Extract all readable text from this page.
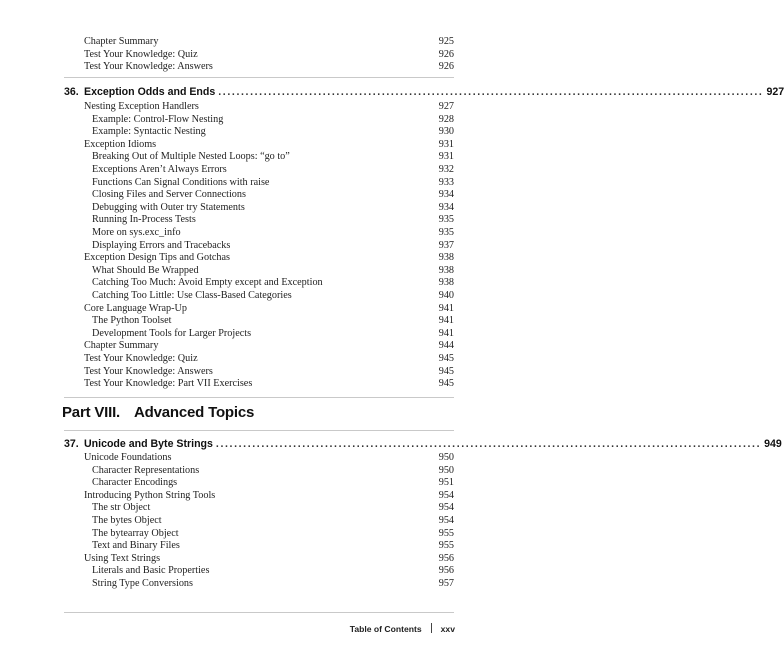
Chapter Summary	925
Test Your Knowledge: Quiz	926
Test Your Knowledge: Answers	926
36. Exception Odds and Ends ........................................................................................................................ 927
Nesting Exception Handlers	927
Example: Control-Flow Nesting	928
Example: Syntactic Nesting	930
Exception Idioms	931
Breaking Out of Multiple Nested Loops: “go to”	931
Exceptions Aren’t Always Errors	932
Functions Can Signal Conditions with raise	933
Closing Files and Server Connections	934
Debugging with Outer try Statements	934
Running In-Process Tests	935
More on sys.exc_info	935
Displaying Errors and Tracebacks	937
Exception Design Tips and Gotchas	938
What Should Be Wrapped	938
Catching Too Much: Avoid Empty except and Exception	938
Catching Too Little: Use Class-Based Categories	940
Core Language Wrap-Up	941
The Python Toolset	941
Development Tools for Larger Projects	941
Chapter Summary	944
Test Your Knowledge: Quiz	945
Test Your Knowledge: Answers	945
Test Your Knowledge: Part VII Exercises	945
Part VIII. Advanced Topics
37. Unicode and Byte Strings ........................................................................................................................ 949
Unicode Foundations	950
Character Representations	950
Character Encodings	951
Introducing Python String Tools	954
The str Object	954
The bytes Object	954
The bytearray Object	955
Text and Binary Files	955
Using Text Strings	956
Literals and Basic Properties	956
String Type Conversions	957
Table of Contents xxv
